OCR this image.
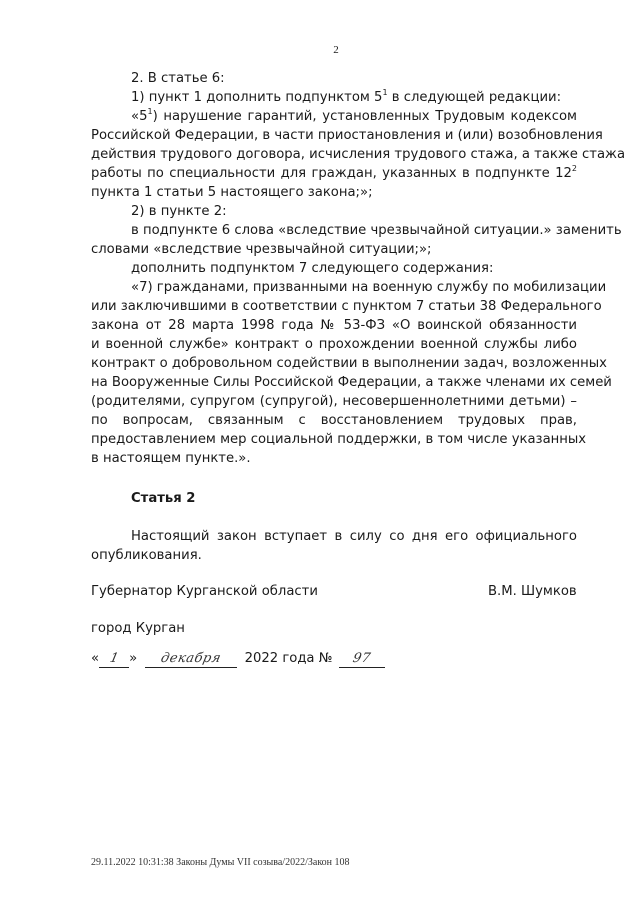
2
2. В статье 6:
1) пункт 1 дополнить подпунктом $5^1$ в следующей редакции:
«$5^1$) нарушение гарантий, установленных Трудовым кодексом
Российской Федерации, в части приостановления и (или) возобновления
действия трудового договора, исчисления трудового стажа, а также стажа
работы по специальности для граждан, указанных в подпункте $12^2$
пункта 1 статьи 5 настоящего закона;»;
2) в пункте 2:
в подпункте 6 слова «вследствие чрезвычайной ситуации.» заменить
словами «вследствие чрезвычайной ситуации;»;
дополнить подпунктом 7 следующего содержания:
«7) гражданами, призванными на военную службу по мобилизации
или заключившими в соответствии с пунктом 7 статьи 38 Федерального
закона от 28 марта 1998 года № 53-ФЗ «О воинской обязанности
и военной службе» контракт о прохождении военной службы либо
контракт о добровольном содействии в выполнении задач, возложенных
на Вооруженные Силы Российской Федерации, а также членами их семей
(родителями, супругом (супругой), несовершеннолетними детьми) –
по вопросам, связанным с восстановлением трудовых прав,
предоставлением мер социальной поддержки, в том числе указанных
в настоящем пункте.».
Статья 2
Настоящий закон вступает в силу со дня его официального
опубликования.
Губернатор Курганской области	В.М. Шумков
город Курган
« 1 » декабря 2022 года № 97
29.11.2022 10:31:38 Законы Думы VII созыва/2022/Закон 108
